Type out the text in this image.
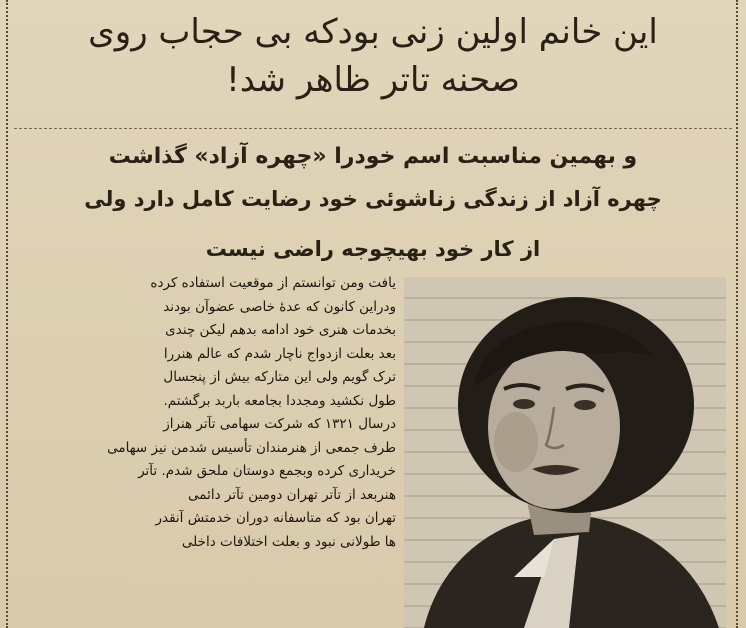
این خانم اولین زنی بودکه بی حجاب روی

صحنه تاتر ظاهر شد!

و بهمین مناسبت اسم خودرا «چهره آزاد» گذاشت

چهره آزاد از زندگی زناشوئی خود رضایت کامل دارد ولی

از کار خود بهیچوجه راضی نیست

یافت ومن توانستم از موقعیت استفاده کرده
ودراین کانون که عدهٔ خاصی عضوآن بودند
بخدمات هنری خود ادامه بدهم لیکن چندی
بعد بعلت ازدواج ناچار شدم که عالم هنررا
ترک گویم ولی این متارکه بیش از پنجسال
طول نکشید ومجددا بجامعه باربد برگشتم.
درسال ۱۳۲۱ که شرکت سهامی تآتر هنراز
طرف جمعی از هنرمندان تأسیس شدمن نیز سهامی
خریداری کرده وبجمع دوستان ملحق شدم. تآتر
هنربعد از تآتر تهران دومین تآتر دائمی
تهران بود که متاسفانه دوران خدمتش آنقدر
ها طولانی نبود و بعلت اختلافات داخلی
